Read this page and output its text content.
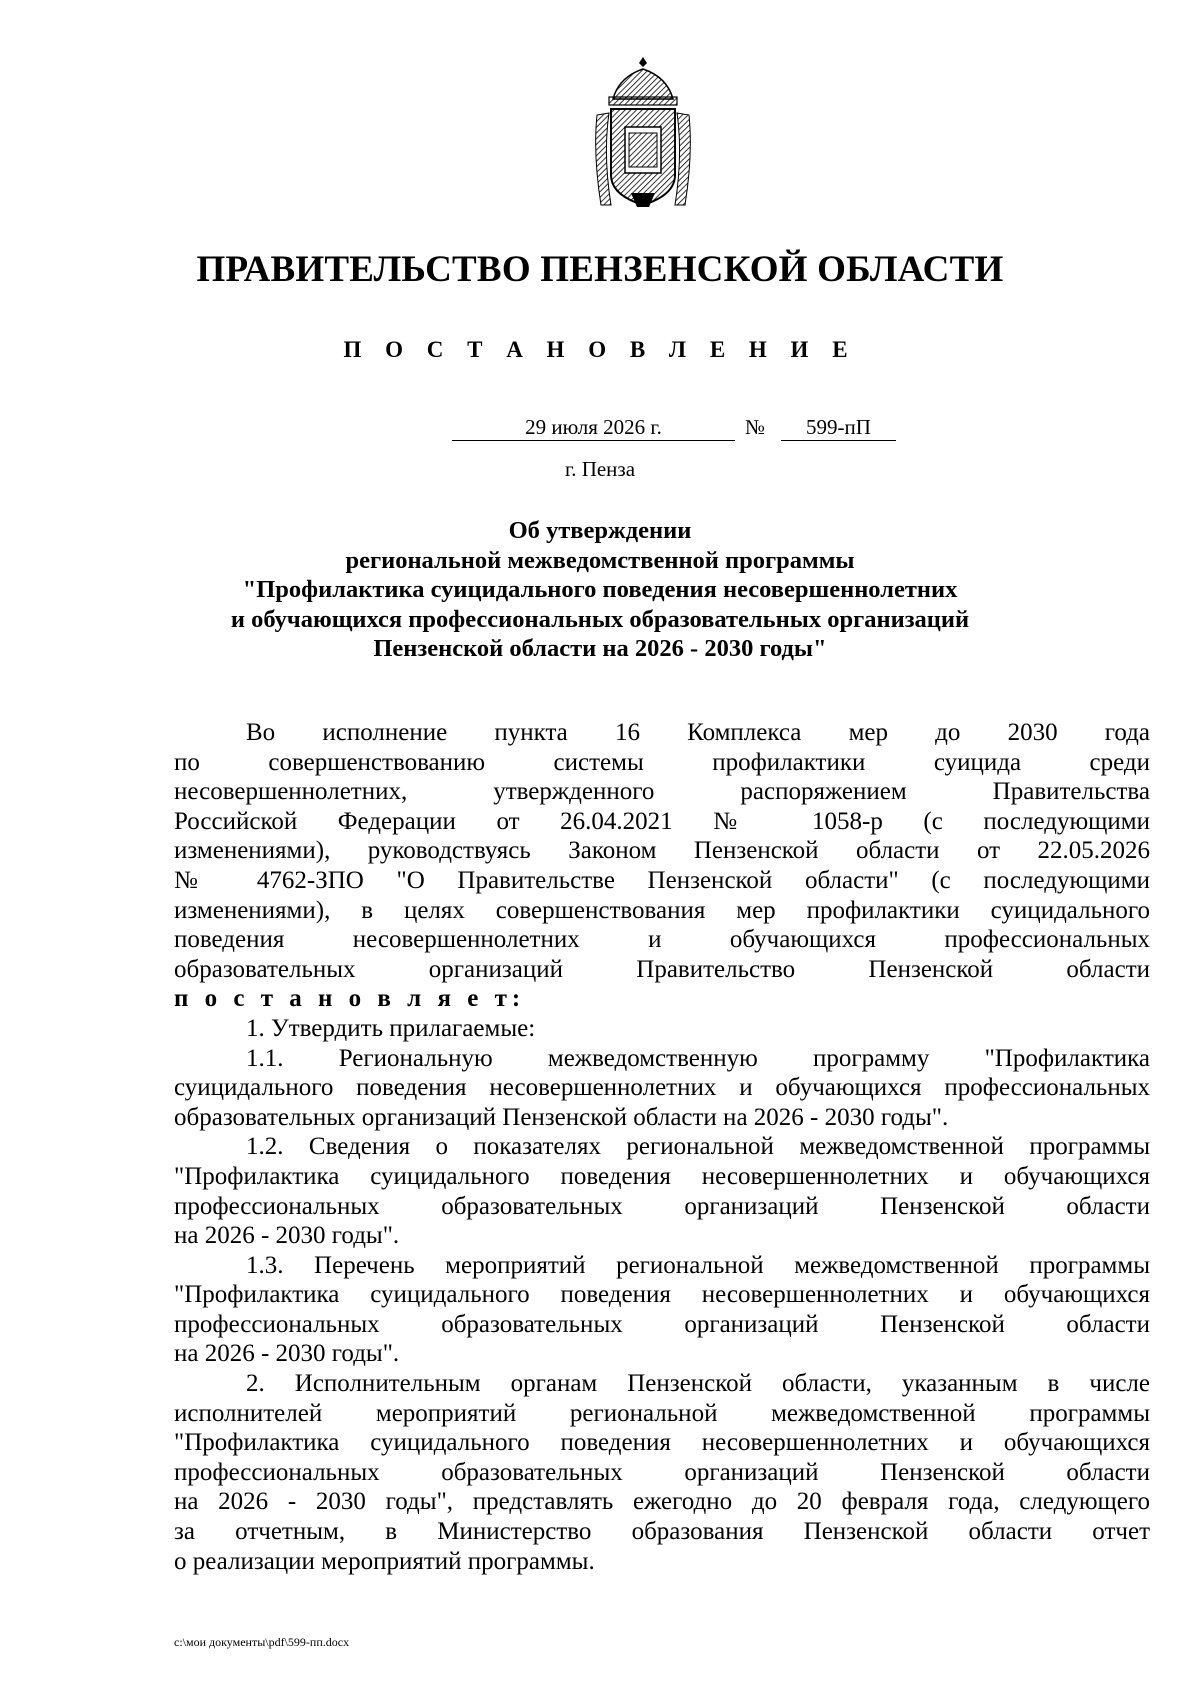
ПРАВИТЕЛЬСТВО ПЕНЗЕНСКОЙ ОБЛАСТИ
П О С Т А Н О В Л Е Н И Е
29 июля 2026 г.	№	599-пП
г. Пенза
Об утверждении
региональной межведомственной программы
"Профилактика суицидального поведения несовершеннолетних
и обучающихся профессиональных образовательных организаций
Пензенской области на 2026 - 2030 годы"
Во исполнение пункта 16 Комплекса мер до 2030 года
по совершенствованию системы профилактики суицида среди
несовершеннолетних, утвержденного распоряжением Правительства
Российской Федерации от 26.04.2021 № 1058-р (с последующими
изменениями), руководствуясь Законом Пензенской области от 22.05.2026
№ 4762-ЗПО "О Правительстве Пензенской области" (с последующими
изменениями), в целях совершенствования мер профилактики суицидального
поведения несовершеннолетних и обучающихся профессиональных
образовательных организаций Правительство Пензенской области
п о с т а н о в л я е т:
1. Утвердить прилагаемые:
1.1. Региональную межведомственную программу "Профилактика
суицидального поведения несовершеннолетних и обучающихся профессиональных
образовательных организаций Пензенской области на 2026 - 2030 годы".
1.2. Сведения о показателях региональной межведомственной программы
"Профилактика суицидального поведения несовершеннолетних и обучающихся
профессиональных образовательных организаций Пензенской области
на 2026 - 2030 годы".
1.3. Перечень мероприятий региональной межведомственной программы
"Профилактика суицидального поведения несовершеннолетних и обучающихся
профессиональных образовательных организаций Пензенской области
на 2026 - 2030 годы".
2. Исполнительным органам Пензенской области, указанным в числе
исполнителей мероприятий региональной межведомственной программы
"Профилактика суицидального поведения несовершеннолетних и обучающихся
профессиональных образовательных организаций Пензенской области
на 2026 - 2030 годы", представлять ежегодно до 20 февраля года, следующего
за отчетным, в Министерство образования Пензенской области отчет
о реализации мероприятий программы.
c:\мои документы\pdf\599-пп.docx
